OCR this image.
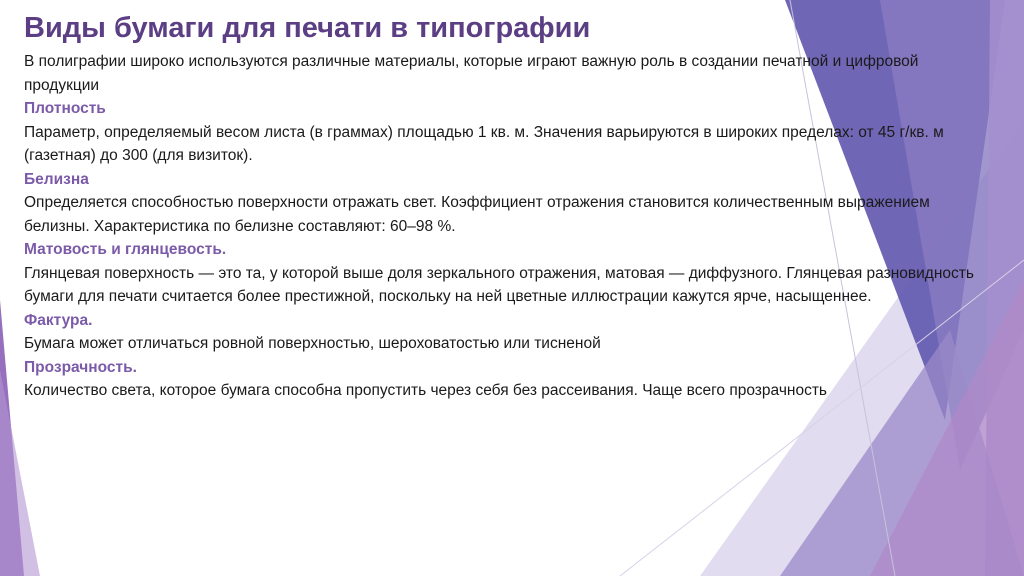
Виды бумаги для печати в типографии

В полиграфии широко используются различные материалы, которые играют важную роль в создании печатной и цифровой продукции

Плотность

Параметр, определяемый весом листа (в граммах) площадью 1 кв. м. Значения варьируются в широких пределах: от 45 г/кв. м (газетная) до 300 (для визиток).

Белизна

Определяется способностью поверхности отражать свет. Коэффициент отражения становится количественным выражением белизны. Характеристика по белизне составляют: 60–98 %.

Матовость и глянцевость.

Глянцевая поверхность — это та, у которой выше доля зеркального отражения, матовая — диффузного. Глянцевая разновидность бумаги для печати считается более престижной, поскольку на ней цветные иллюстрации кажутся ярче, насыщеннее.

Фактура.

Бумага может отличаться ровной поверхностью, шероховатостью или тисненой

Прозрачность.

Количество света, которое бумага способна пропустить через себя без рассеивания. Чаще всего прозрачность
